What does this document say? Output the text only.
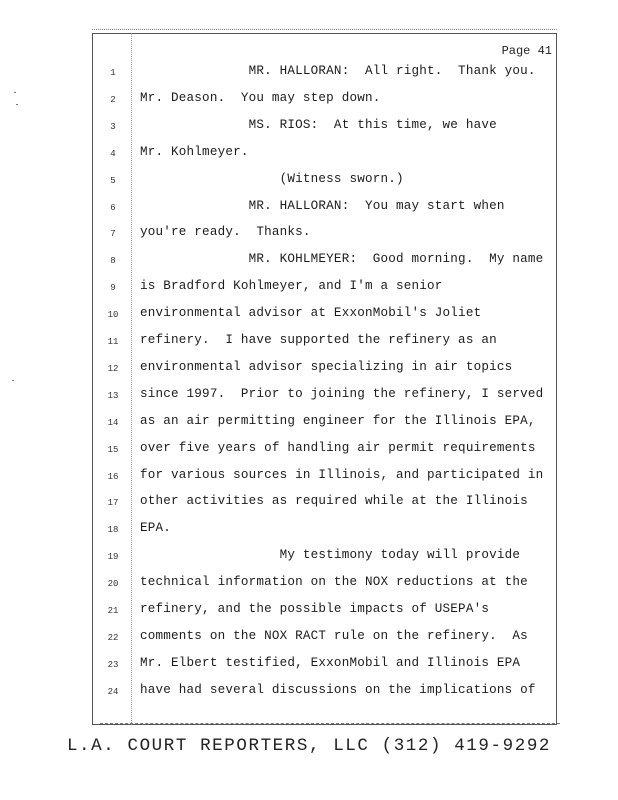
Page 41
1	MR. HALLORAN:  All right.  Thank you.
2	Mr. Deason.  You may step down.
3	MS. RIOS:  At this time, we have
4	Mr. Kohlmeyer.
5	(Witness sworn.)
6	MR. HALLORAN:  You may start when
7	you're ready.  Thanks.
8	MR. KOHLMEYER:  Good morning.  My name
9	is Bradford Kohlmeyer, and I'm a senior
10 environmental advisor at ExxonMobil's Joliet
11 refinery.  I have supported the refinery as an
12 environmental advisor specializing in air topics
13 since 1997.  Prior to joining the refinery, I served
14 as an air permitting engineer for the Illinois EPA,
15 over five years of handling air permit requirements
16 for various sources in Illinois, and participated in
17 other activities as required while at the Illinois
18 EPA.
19 My testimony today will provide
20 technical information on the NOX reductions at the
21 refinery, and the possible impacts of USEPA's
22 comments on the NOX RACT rule on the refinery.  As
23 Mr. Elbert testified, ExxonMobil and Illinois EPA
24 have had several discussions on the implications of
L.A. COURT REPORTERS, LLC (312) 419-9292
